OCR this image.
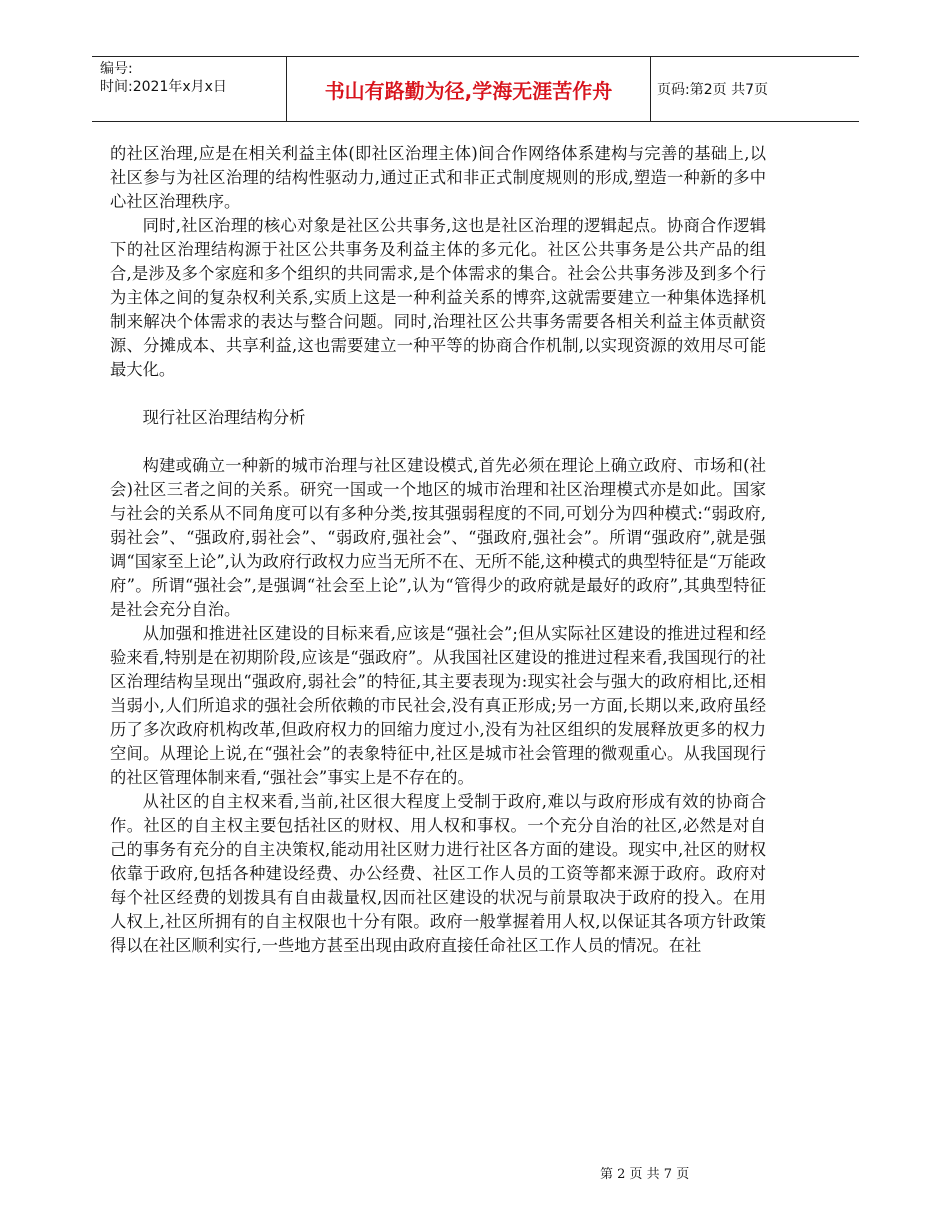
编号:
时间:2021年x月x日	书山有路勤为径,学海无涯苦作舟	页码:第2页 共7页

的社区治理,应是在相关利益主体(即社区治理主体)间合作网络体系建构与完善的基础上,以社区参与为社区治理的结构性驱动力,通过正式和非正式制度规则的形成,塑造一种新的多中心社区治理秩序。

同时,社区治理的核心对象是社区公共事务,这也是社区治理的逻辑起点。协商合作逻辑下的社区治理结构源于社区公共事务及利益主体的多元化。社区公共事务是公共产品的组合,是涉及多个家庭和多个组织的共同需求,是个体需求的集合。社会公共事务涉及到多个行为主体之间的复杂权利关系,实质上这是一种利益关系的博弈,这就需要建立一种集体选择机制来解决个体需求的表达与整合问题。同时,治理社区公共事务需要各相关利益主体贡献资源、分摊成本、共享利益,这也需要建立一种平等的协商合作机制,以实现资源的效用尽可能最大化。

现行社区治理结构分析

构建或确立一种新的城市治理与社区建设模式,首先必须在理论上确立政府、市场和(社会)社区三者之间的关系。研究一国或一个地区的城市治理和社区治理模式亦是如此。国家与社会的关系从不同角度可以有多种分类,按其强弱程度的不同,可划分为四种模式:“弱政府,弱社会”、“强政府,弱社会”、“弱政府,强社会”、“强政府,强社会”。所谓“强政府”,就是强调“国家至上论”,认为政府行政权力应当无所不在、无所不能,这种模式的典型特征是“万能政府”。所谓“强社会”,是强调“社会至上论”,认为“管得少的政府就是最好的政府”,其典型特征是社会充分自治。

从加强和推进社区建设的目标来看,应该是“强社会”;但从实际社区建设的推进过程和经验来看,特别是在初期阶段,应该是“强政府”。从我国社区建设的推进过程来看,我国现行的社区治理结构呈现出“强政府,弱社会”的特征,其主要表现为:现实社会与强大的政府相比,还相当弱小,人们所追求的强社会所依赖的市民社会,没有真正形成;另一方面,长期以来,政府虽经历了多次政府机构改革,但政府权力的回缩力度过小,没有为社区组织的发展释放更多的权力空间。从理论上说,在“强社会”的表象特征中,社区是城市社会管理的微观重心。从我国现行的社区管理体制来看,“强社会”事实上是不存在的。

从社区的自主权来看,当前,社区很大程度上受制于政府,难以与政府形成有效的协商合作。社区的自主权主要包括社区的财权、用人权和事权。一个充分自治的社区,必然是对自己的事务有充分的自主决策权,能动用社区财力进行社区各方面的建设。现实中,社区的财权依靠于政府,包括各种建设经费、办公经费、社区工作人员的工资等都来源于政府。政府对每个社区经费的划拨具有自由裁量权,因而社区建设的状况与前景取决于政府的投入。在用人权上,社区所拥有的自主权限也十分有限。政府一般掌握着用人权,以保证其各项方针政策得以在社区顺利实行,一些地方甚至出现由政府直接任命社区工作人员的情况。在社

第 2 页 共 7 页
